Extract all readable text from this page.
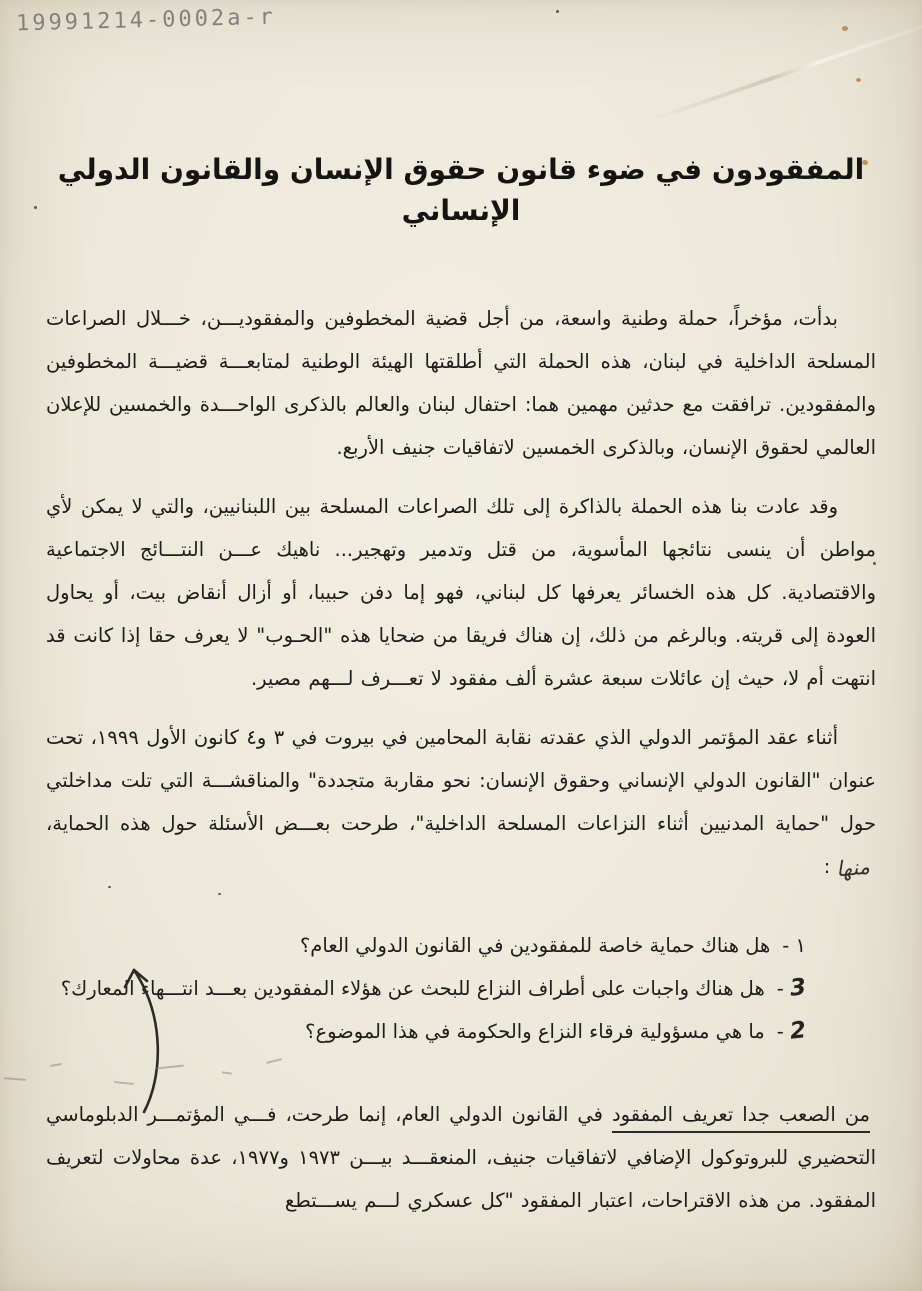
19991214-0002a-r
المفقودون في ضوء قانون حقوق الإنسان والقانون الدولي الإنساني

بدأت، مؤخراً، حملة وطنية واسعة، من أجل قضية المخطوفين والمفقوديـــن، خـــلال الصراعات المسلحة الداخلية في لبنان، هذه الحملة التي أطلقتها الهيئة الوطنية لمتابعـــة قضيـــة المخطوفين والمفقودين. ترافقت مع حدثين مهمين هما: احتفال لبنان والعالم بالذكرى الواحـــدة والخمسين للإعلان العالمي لحقوق الإنسان، وبالذكرى الخمسين لاتفاقيات جنيف الأربع.

وقد عادت بنا هذه الحملة بالذاكرة إلى تلك الصراعات المسلحة بين اللبنانيين، والتي لا يمكن لأي مواطن أن ينسى نتائجها المأسوية، من قتل وتدمير وتهجير... ناهيك عـــن النتـــائج الاجتماعية والاقتصادية. كل هذه الخسائر يعرفها كل لبناني، فهو إما دفن حبيبا، أو أزال أنقاض بيت، أو يحاول العودة إلى قريته. وبالرغم من ذلك، إن هناك فريقا من ضحايا هذه "الحـوب" لا يعرف حقا إذا كانت قد انتهت أم لا، حيث إن عائلات سبعة عشرة ألف مفقود لا تعـــرف لـــهم مصير.

أثناء عقد المؤتمر الدولي الذي عقدته نقابة المحامين في بيروت في ٣ و٤ كانون الأول ١٩٩٩، تحت عنوان "القانون الدولي الإنساني وحقوق الإنسان: نحو مقاربة متجددة" والمناقشـــة التي تلت مداخلتي حول "حماية المدنيين أثناء النزاعات المسلحة الداخلية"، طرحت بعـــض الأسئلة حول هذه الحماية،منها:

١ -
هل هناك حماية خاصة للمفقودين في القانون الدولي العام؟
3 -
هل هناك واجبات على أطراف النزاع للبحث عن هؤلاء المفقودين بعـــد انتـــهاء المعارك؟
2 -
ما هي مسؤولية فرقاء النزاع والحكومة في هذا الموضوع؟

من الصعب جدا تعريف المفقود في القانون الدولي العام، إنما طرحت، فـــي المؤتمـــر الدبلوماسي التحضيري للبروتوكول الإضافي لاتفاقيات جنيف، المنعقـــد بيـــن ١٩٧٣ و١٩٧٧، عدة محاولات لتعريف المفقود. من هذه الاقتراحات، اعتبار المفقود "كل عسكري لـــم يســـتطع
